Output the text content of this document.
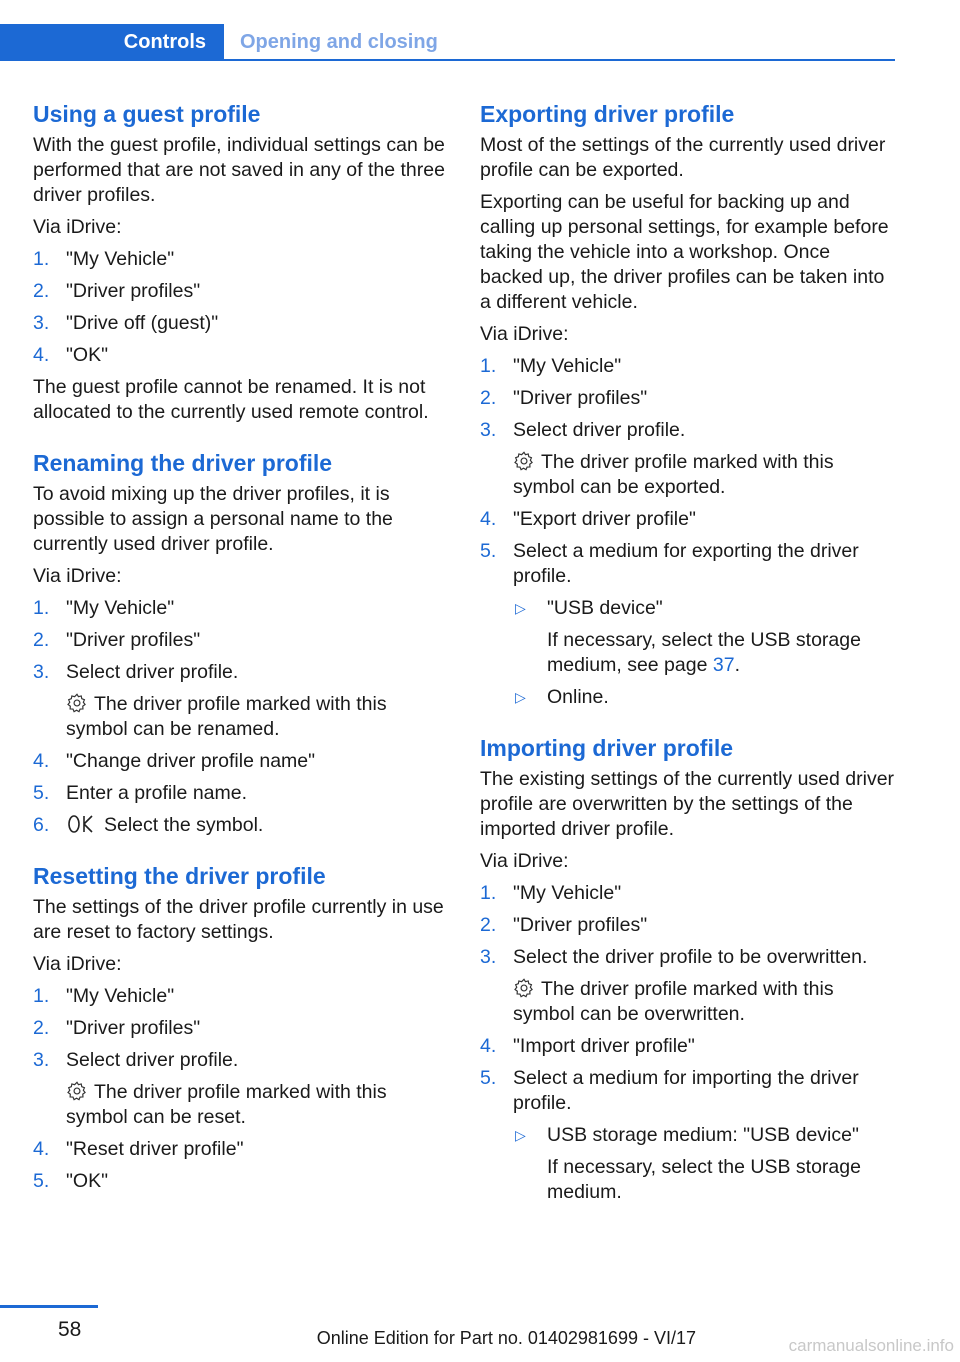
Controls	Opening and closing
Using a guest profile

With the guest profile, individual settings can be performed that are not saved in any of the three driver profiles.

Via iDrive:

1. "My Vehicle"
2. "Driver profiles"
3. "Drive off (guest)"
4. "OK"

The guest profile cannot be renamed. It is not allocated to the currently used remote control.

Renaming the driver profile

To avoid mixing up the driver profiles, it is possible to assign a personal name to the currently used driver profile.

Via iDrive:

1. "My Vehicle"
2. "Driver profiles"
3. Select driver profile.
The driver profile marked with this symbol can be renamed.
4. "Change driver profile name"
5. Enter a profile name.
6.	Select the symbol.
Resetting the driver profile

The settings of the driver profile currently in use are reset to factory settings.

Via iDrive:

1. "My Vehicle"
2. "Driver profiles"
3. Select driver profile.
The driver profile marked with this symbol can be reset.
4. "Reset driver profile"
5. "OK"
Exporting driver profile

Most of the settings of the currently used driver profile can be exported.

Exporting can be useful for backing up and calling up personal settings, for example before taking the vehicle into a workshop. Once backed up, the driver profiles can be taken into a different vehicle.

Via iDrive:

1. "My Vehicle"
2. "Driver profiles"
3. Select driver profile.
The driver profile marked with this symbol can be exported.
4. "Export driver profile"
5. Select a medium for exporting the driver profile.
▷ "USB device"
If necessary, select the USB storage medium, see page 37.
▷ Online.
Importing driver profile

The existing settings of the currently used driver profile are overwritten by the settings of the imported driver profile.

Via iDrive:

1. "My Vehicle"
2. "Driver profiles"
3. Select the driver profile to be overwritten.
The driver profile marked with this symbol can be overwritten.
4. "Import driver profile"
5. Select a medium for importing the driver profile.
▷ USB storage medium: "USB device"
If necessary, select the USB storage medium.
58	Online Edition for Part no. 01402981699 - VI/17	carmanualsonline.info
